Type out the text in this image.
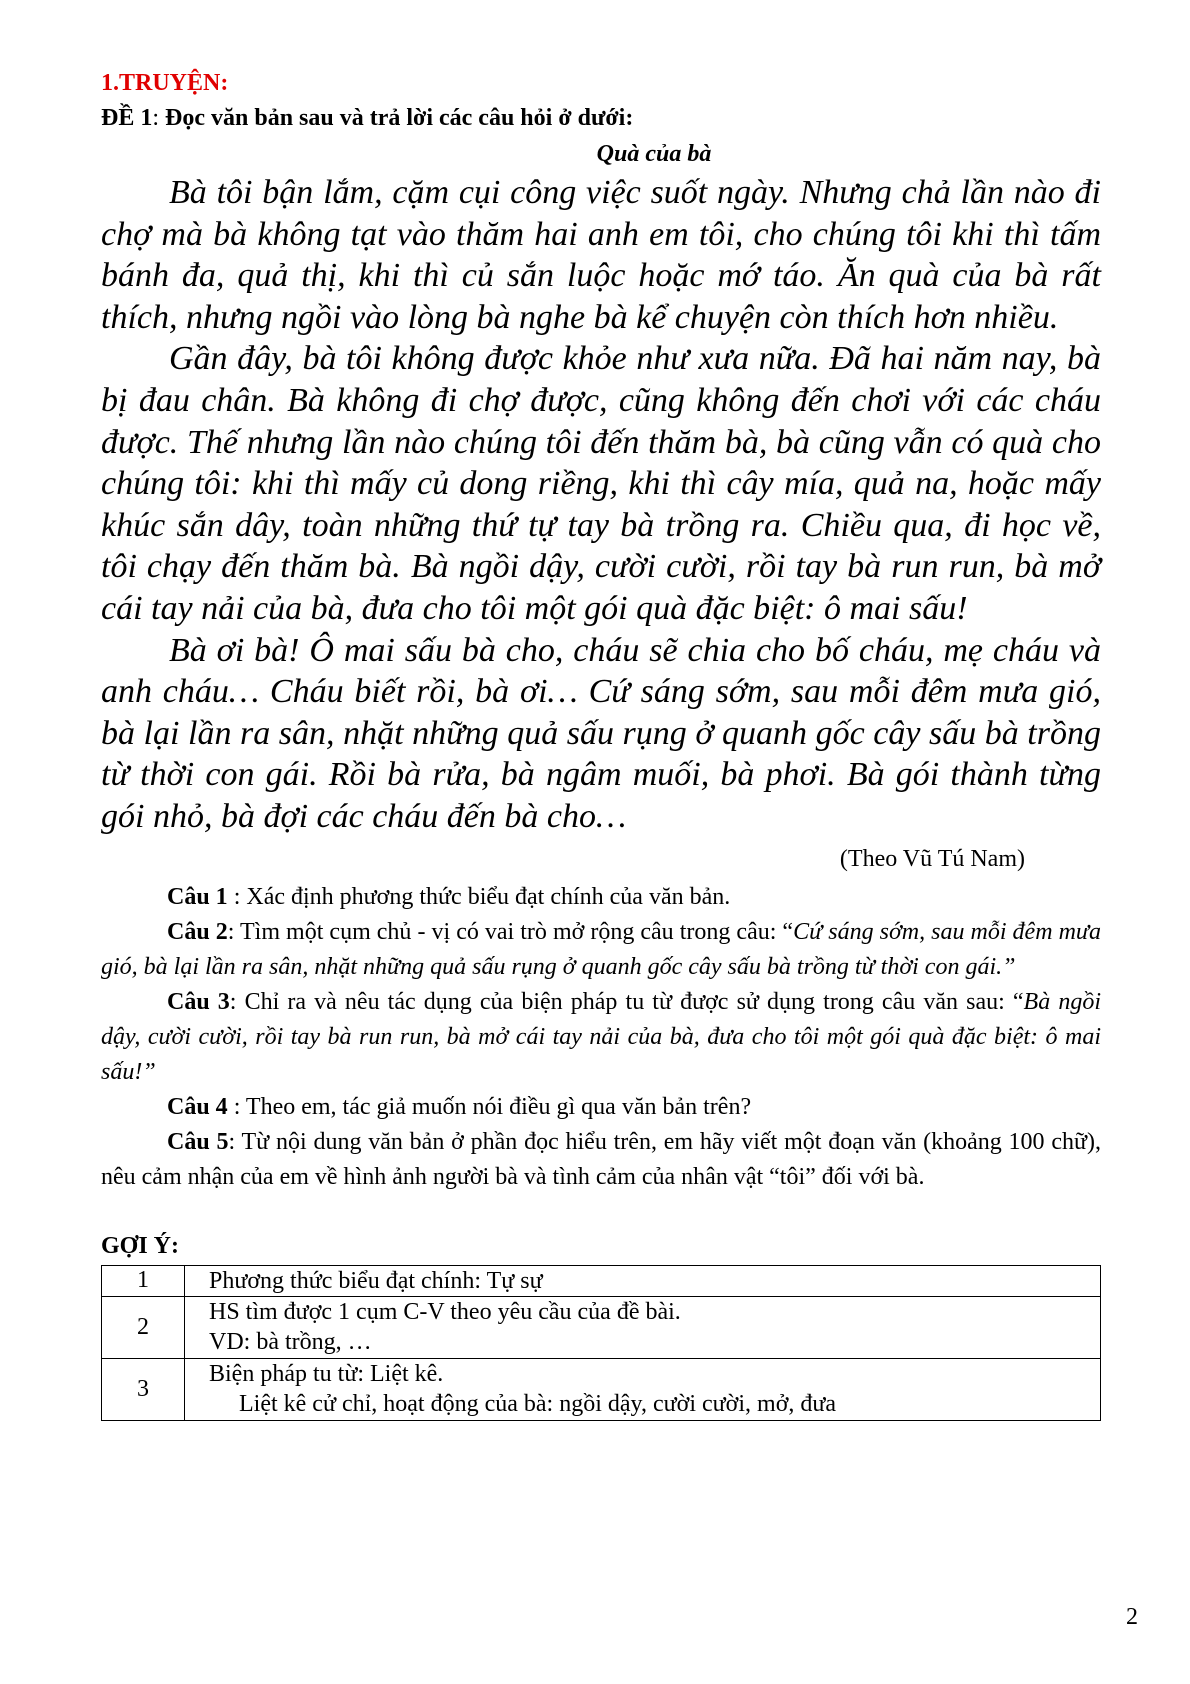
1.TRUYỆN:

ĐỀ 1: Đọc văn bản sau và trả lời các câu hỏi ở dưới:

Quà của bà

Bà tôi bận lắm, cặm cụi công việc suốt ngày. Nhưng chả lần nào đi chợ mà bà không tạt vào thăm hai anh em tôi, cho chúng tôi khi thì tấm bánh đa, quả thị, khi thì củ sắn luộc hoặc mớ táo. Ăn quà của bà rất thích, nhưng ngồi vào lòng bà nghe bà kể chuyện còn thích hơn nhiều.

Gần đây, bà tôi không được khỏe như xưa nữa. Đã hai năm nay, bà bị đau chân. Bà không đi chợ được, cũng không đến chơi với các cháu được. Thế nhưng lần nào chúng tôi đến thăm bà, bà cũng vẫn có quà cho chúng tôi: khi thì mấy củ dong riềng, khi thì cây mía, quả na, hoặc mấy khúc sắn dây, toàn những thứ tự tay bà trồng ra. Chiều qua, đi học về, tôi chạy đến thăm bà. Bà ngồi dậy, cười cười, rồi tay bà run run, bà mở cái tay nải của bà, đưa cho tôi một gói quà đặc biệt: ô mai sấu!

Bà ơi bà! Ô mai sấu bà cho, cháu sẽ chia cho bố cháu, mẹ cháu và anh cháu… Cháu biết rồi, bà ơi… Cứ sáng sớm, sau mỗi đêm mưa gió, bà lại lần ra sân, nhặt những quả sấu rụng ở quanh gốc cây sấu bà trồng từ thời con gái. Rồi bà rửa, bà ngâm muối, bà phơi. Bà gói thành từng gói nhỏ, bà đợi các cháu đến bà cho…

(Theo Vũ Tú Nam)

Câu 1 : Xác định phương thức biểu đạt chính của văn bản.

Câu 2: Tìm một cụm chủ - vị có vai trò mở rộng câu trong câu: “Cứ sáng sớm, sau mỗi đêm mưa gió, bà lại lần ra sân, nhặt những quả sấu rụng ở quanh gốc cây sấu bà trồng từ thời con gái.”

Câu 3: Chỉ ra và nêu tác dụng của biện pháp tu từ được sử dụng trong câu văn sau: “Bà ngồi dậy, cười cười, rồi tay bà run run, bà mở cái tay nải của bà, đưa cho tôi một gói quà đặc biệt: ô mai sấu!”

Câu 4 : Theo em, tác giả muốn nói điều gì qua văn bản trên?

Câu 5: Từ nội dung văn bản ở phần đọc hiểu trên, em hãy viết một đoạn văn (khoảng 100 chữ), nêu cảm nhận của em về hình ảnh người bà và tình cảm của nhân vật “tôi” đối với bà.

GỢI Ý:

1	Phương thức biểu đạt chính: Tự sự
2	HS tìm được 1 cụm C-V theo yêu cầu của đề bài.
VD: bà trồng, …
3	Biện pháp tu từ: Liệt kê.

Liệt kê cử chỉ, hoạt động của bà: ngồi dậy, cười cười, mở, đưa
2
